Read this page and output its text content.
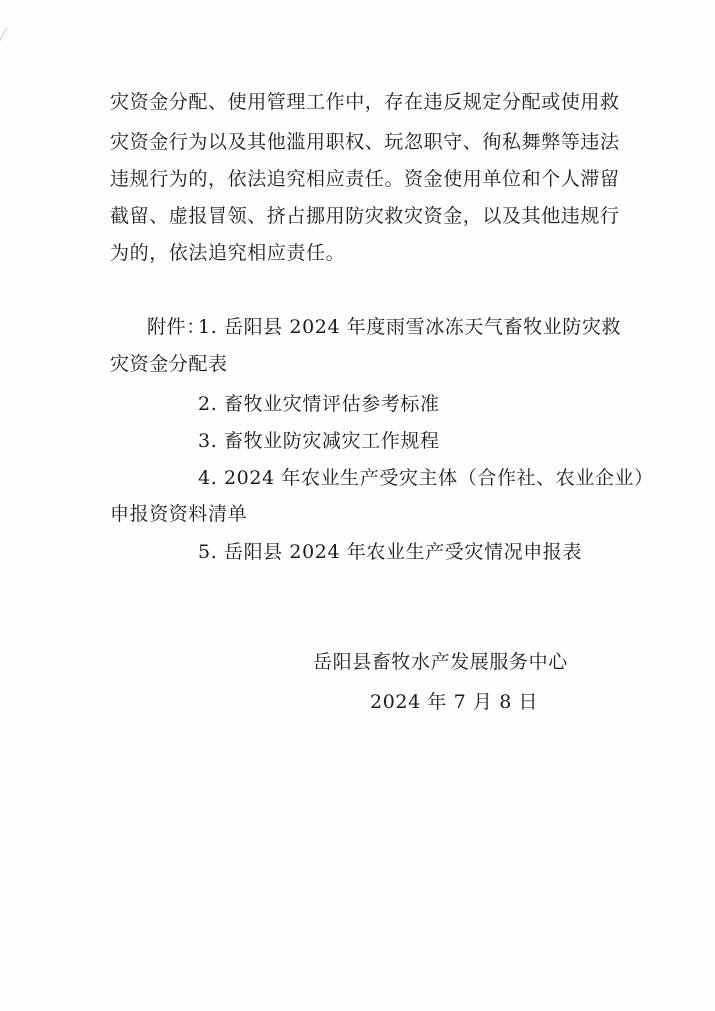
灾资金分配、使用管理工作中，存在违反规定分配或使用救
灾资金行为以及其他滥用职权、玩忽职守、徇私舞弊等违法
违规行为的，依法追究相应责任。资金使用单位和个人滞留
截留、虚报冒领、挤占挪用防灾救灾资金，以及其他违规行
为的，依法追究相应责任。
附件：
1. 岳阳县 2024 年度雨雪冰冻天气畜牧业防灾救
灾资金分配表
2. 畜牧业灾情评估参考标准
3. 畜牧业防灾减灾工作规程
4. 2024 年农业生产受灾主体（合作社、农业企业）
申报资资料清单
5. 岳阳县 2024 年农业生产受灾情况申报表
岳阳县畜牧水产发展服务中心
2024 年 7 月 8 日
